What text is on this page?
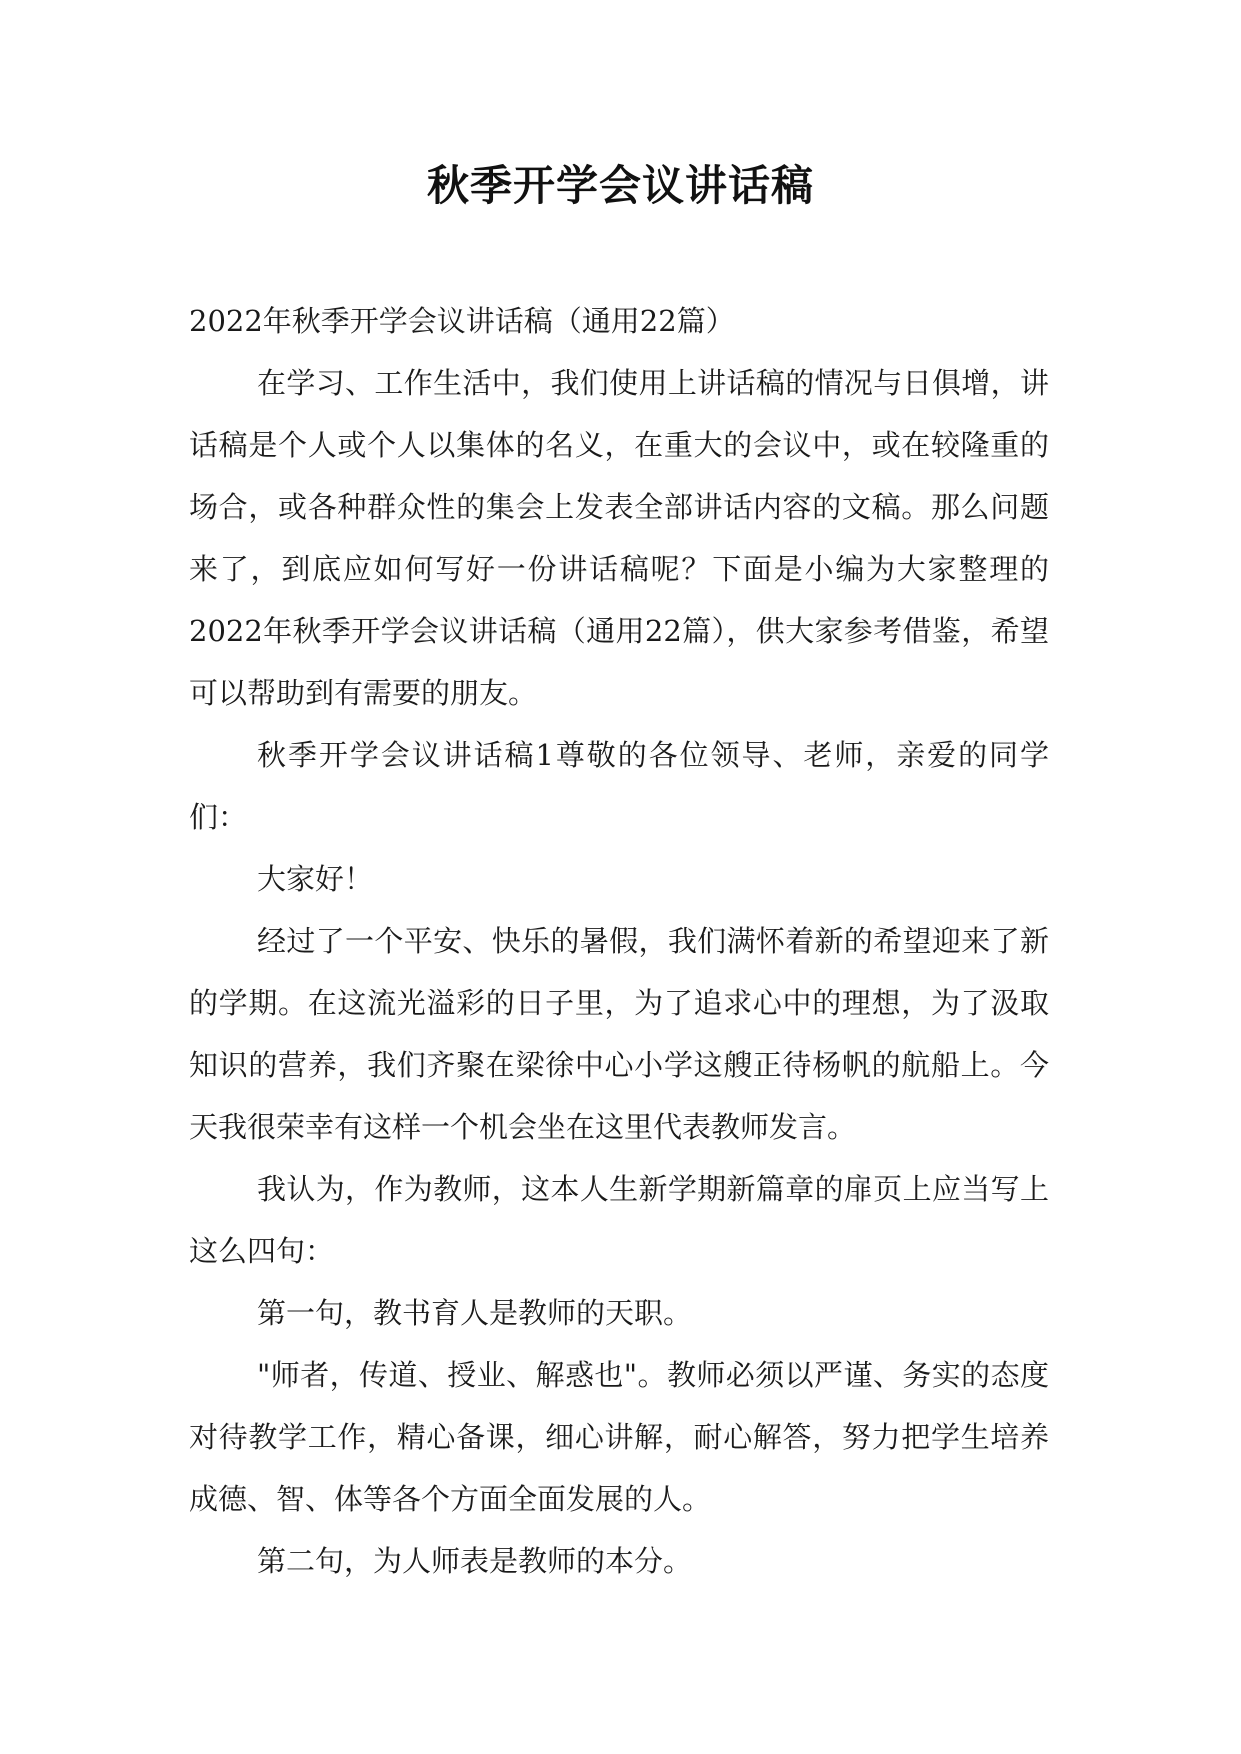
秋季开学会议讲话稿

2022年秋季开学会议讲话稿（通用22篇）

在学习、工作生活中，我们使用上讲话稿的情况与日俱增，讲话稿是个人或个人以集体的名义，在重大的会议中，或在较隆重的场合，或各种群众性的集会上发表全部讲话内容的文稿。那么问题来了，到底应如何写好一份讲话稿呢？下面是小编为大家整理的2022年秋季开学会议讲话稿（通用22篇），供大家参考借鉴，希望可以帮助到有需要的朋友。

秋季开学会议讲话稿1尊敬的各位领导、老师，亲爱的同学们：

大家好！

经过了一个平安、快乐的暑假，我们满怀着新的希望迎来了新的学期。在这流光溢彩的日子里，为了追求心中的理想，为了汲取知识的营养，我们齐聚在梁徐中心小学这艘正待杨帆的航船上。今天我很荣幸有这样一个机会坐在这里代表教师发言。

我认为，作为教师，这本人生新学期新篇章的扉页上应当写上这么四句：

第一句，教书育人是教师的天职。

"师者，传道、授业、解惑也"。教师必须以严谨、务实的态度对待教学工作，精心备课，细心讲解，耐心解答，努力把学生培养成德、智、体等各个方面全面发展的人。

第二句，为人师表是教师的本分。
